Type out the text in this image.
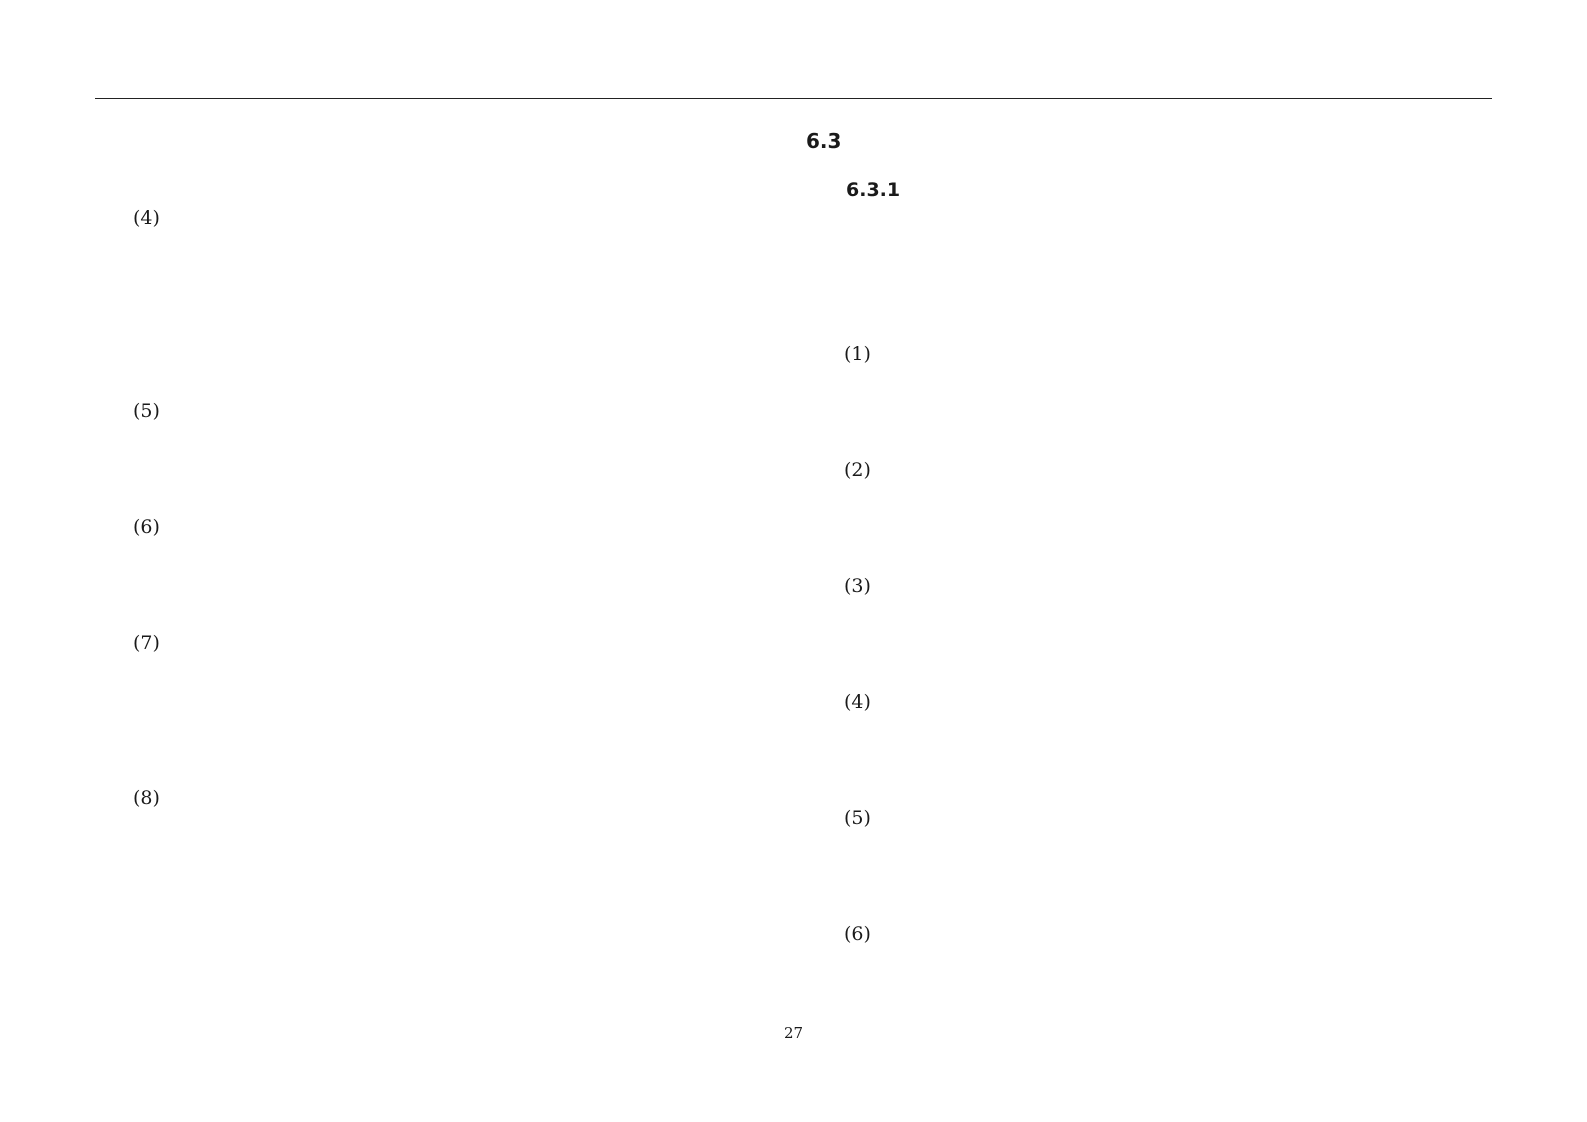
(4)

(5)

(6)

(7)

(8)

6.3
6.3.1

(1)

(2)

(3)

(4)

(5)

(6)

27
